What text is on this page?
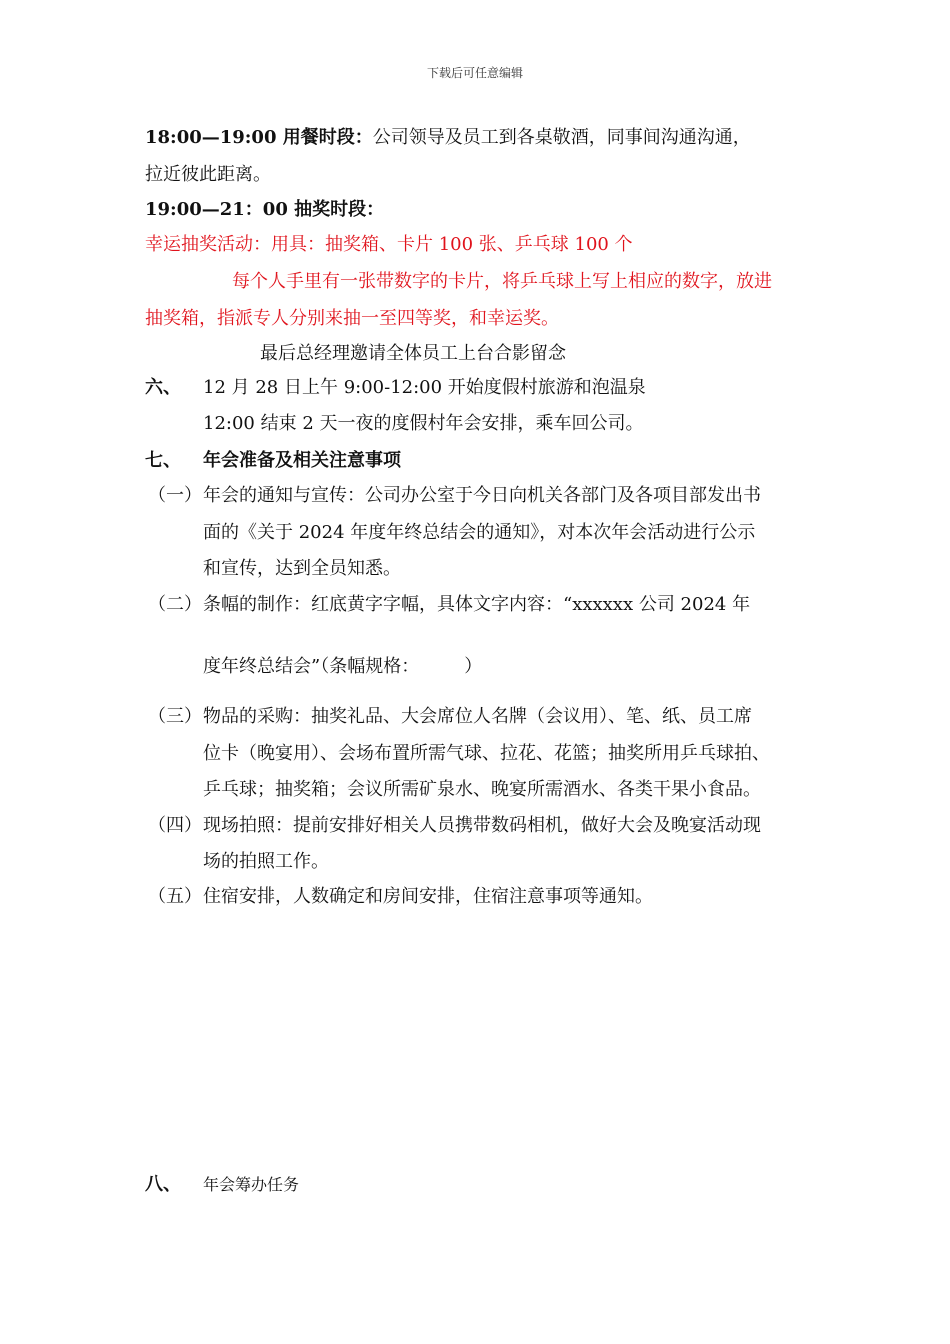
下载后可任意编辑
18:00—19:00 用餐时段：公司领导及员工到各桌敬酒，同事间沟通沟通，
拉近彼此距离。
19:00—21：00 抽奖时段：
幸运抽奖活动：用具：抽奖箱、卡片 100 张、乒乓球 100 个
每个人手里有一张带数字的卡片，将乒乓球上写上相应的数字，放进
抽奖箱，指派专人分别来抽一至四等奖，和幸运奖。
最后总经理邀请全体员工上台合影留念
六、 12 月 28 日上午 9:00-12:00 开始度假村旅游和泡温泉
12:00 结束 2 天一夜的度假村年会安排，乘车回公司。
七、 年会准备及相关注意事项
（一） 年会的通知与宣传：公司办公室于今日向机关各部门及各项目部发出书
面的《关于 2024 年度年终总结会的通知》，对本次年会活动进行公示
和宣传，达到全员知悉。
（二） 条幅的制作：红底黄字字幅，具体文字内容：“xxxxxx 公司 2024 年
度年终总结会”（条幅规格：　　　）
（三） 物品的采购：抽奖礼品、大会席位人名牌（会议用）、笔、纸、员工席
位卡（晚宴用）、会场布置所需气球、拉花、花篮；抽奖所用乒乓球拍、
乒乓球；抽奖箱；会议所需矿泉水、晚宴所需酒水、各类干果小食品。
（四） 现场拍照：提前安排好相关人员携带数码相机，做好大会及晚宴活动现
场的拍照工作。
（五） 住宿安排，人数确定和房间安排，住宿注意事项等通知。
八、 年会筹办任务
